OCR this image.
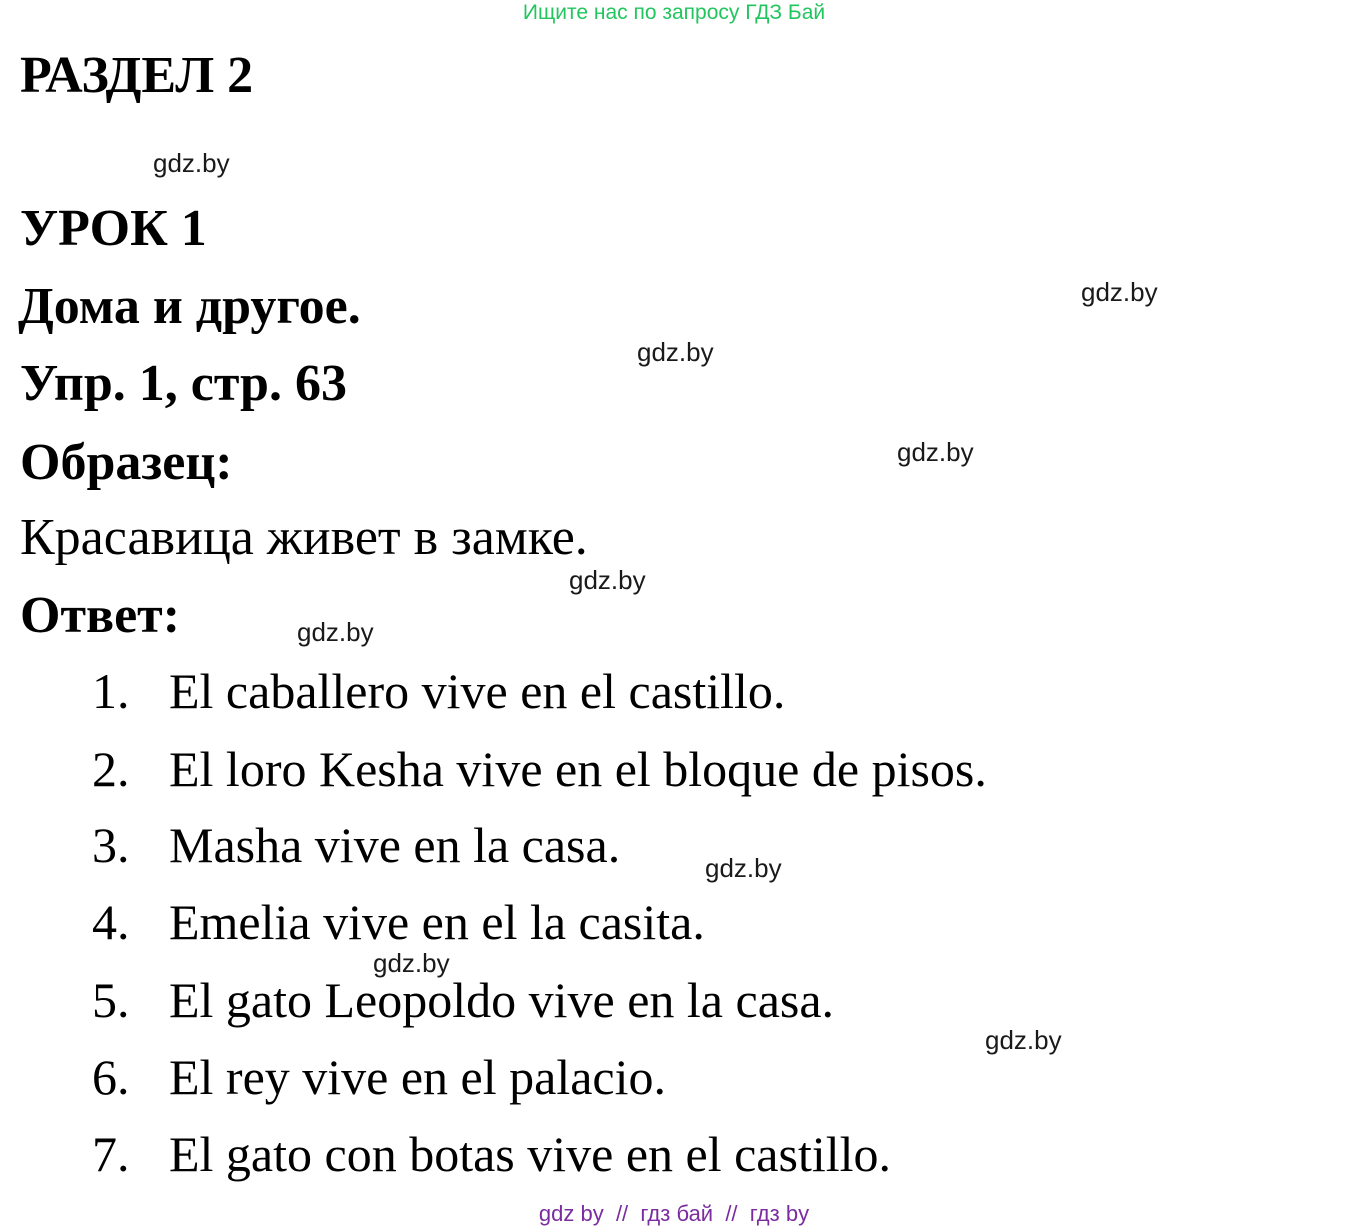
Ищите нас по запросу ГДЗ Бай
РАЗДЕЛ 2
УРОК 1
Дома и другое.
Упр. 1, стр. 63
Образец:

Красавица живет в замке.

Ответ:
1. El caballero vive en el castillo.
2. El loro Kesha vive en el bloque de pisos.
3. Masha vive en la casa.
4. Emelia vive en el la casita.
5. El gato Leopoldo vive en la casa.
6. El rey vive en el palacio.
7. El gato con botas vive en el castillo.
gdz.by
gdz.by
gdz.by
gdz.by
gdz.by
gdz.by
gdz.by
gdz.by
gdz.by
gdz by  //  гдз бай  //  гдз by
